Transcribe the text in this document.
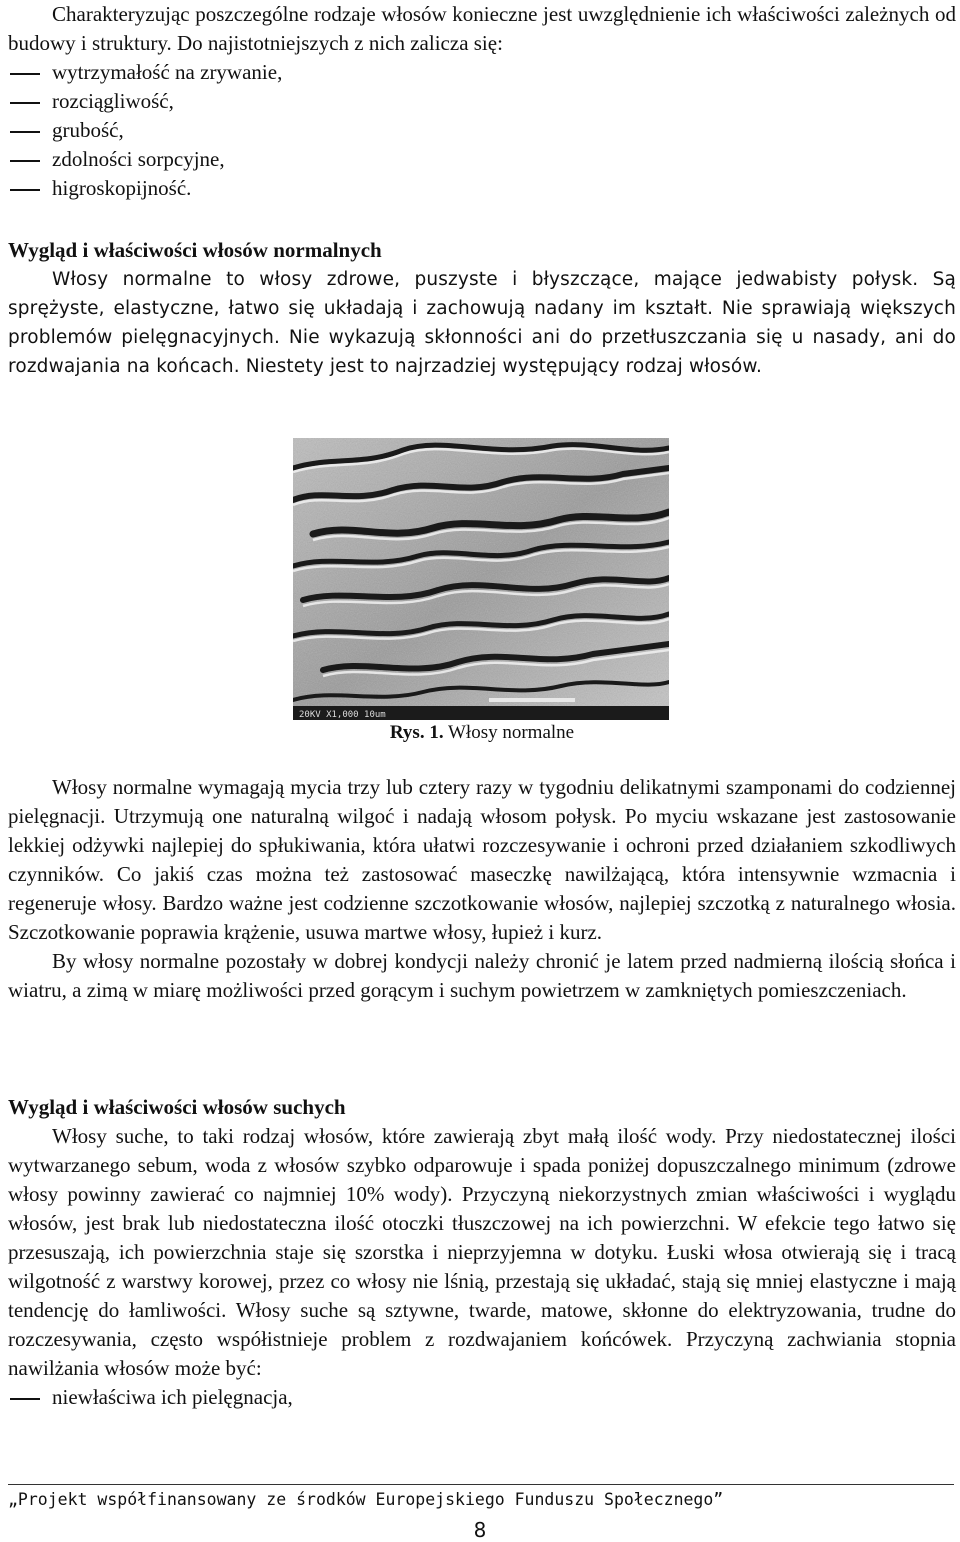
Charakteryzując poszczególne rodzaje włosów konieczne jest uwzględnienie ich właściwości zależnych od budowy i struktury. Do najistotniejszych z nich zalicza się:

wytrzymałość na zrywanie,
rozciągliwość,
grubość,
zdolności sorpcyjne,
higroskopijność.

Wygląd i właściwości włosów normalnych

Włosy normalne to włosy zdrowe, puszyste i błyszczące, mające jedwabisty połysk. Są sprężyste, elastyczne, łatwo się układają i zachowują nadany im kształt. Nie sprawiają większych problemów pielęgnacyjnych. Nie wykazują skłonności ani do przetłuszczania się u nasady, ani do rozdwajania na końcach. Niestety jest to najrzadziej występujący rodzaj włosów.

Włosy normalne wymagają mycia trzy lub cztery razy w tygodniu delikatnymi szamponami do codziennej pielęgnacji. Utrzymują one naturalną wilgoć i nadają włosom połysk. Po myciu wskazane jest zastosowanie lekkiej odżywki najlepiej do spłukiwania, która ułatwi rozczesywanie i ochroni przed działaniem szkodliwych czynników. Co jakiś czas można też zastosować maseczkę nawilżającą, która intensywnie wzmacnia i regeneruje włosy. Bardzo ważne jest codzienne szczotkowanie włosów, najlepiej szczotką z naturalnego włosia. Szczotkowanie poprawia krążenie, usuwa martwe włosy, łupież i kurz.

By włosy normalne pozostały w dobrej kondycji należy chronić je latem przed nadmierną ilością słońca i wiatru, a zimą w miarę możliwości przed gorącym i suchym powietrzem w zamkniętych pomieszczeniach.

Wygląd i właściwości włosów suchych

Włosy suche, to taki rodzaj włosów, które zawierają zbyt małą ilość wody. Przy niedostatecznej ilości wytwarzanego sebum, woda z włosów szybko odparowuje i spada poniżej dopuszczalnego minimum (zdrowe włosy powinny zawierać co najmniej 10% wody). Przyczyną niekorzystnych zmian właściwości i wyglądu włosów, jest brak lub niedostateczna ilość otoczki tłuszczowej na ich powierzchni. W efekcie tego łatwo się przesuszają, ich powierzchnia staje się szorstka i nieprzyjemna w dotyku. Łuski włosa otwierają się i tracą wilgotność z warstwy korowej, przez co włosy nie lśnią, przestają się układać, stają się mniej elastyczne i mają tendencję do łamliwości. Włosy suche są sztywne, twarde, matowe, skłonne do elektryzowania, trudne do rozczesywania, często współistnieje problem z rozdwajaniem końcówek. Przyczyną zachwiania stopnia nawilżania włosów może być:

niewłaściwa ich pielęgnacja,
Rys. 1. Włosy normalne
20KV X1,000 10um
„Projekt współfinansowany ze środków Europejskiego Funduszu Społecznego”
8
